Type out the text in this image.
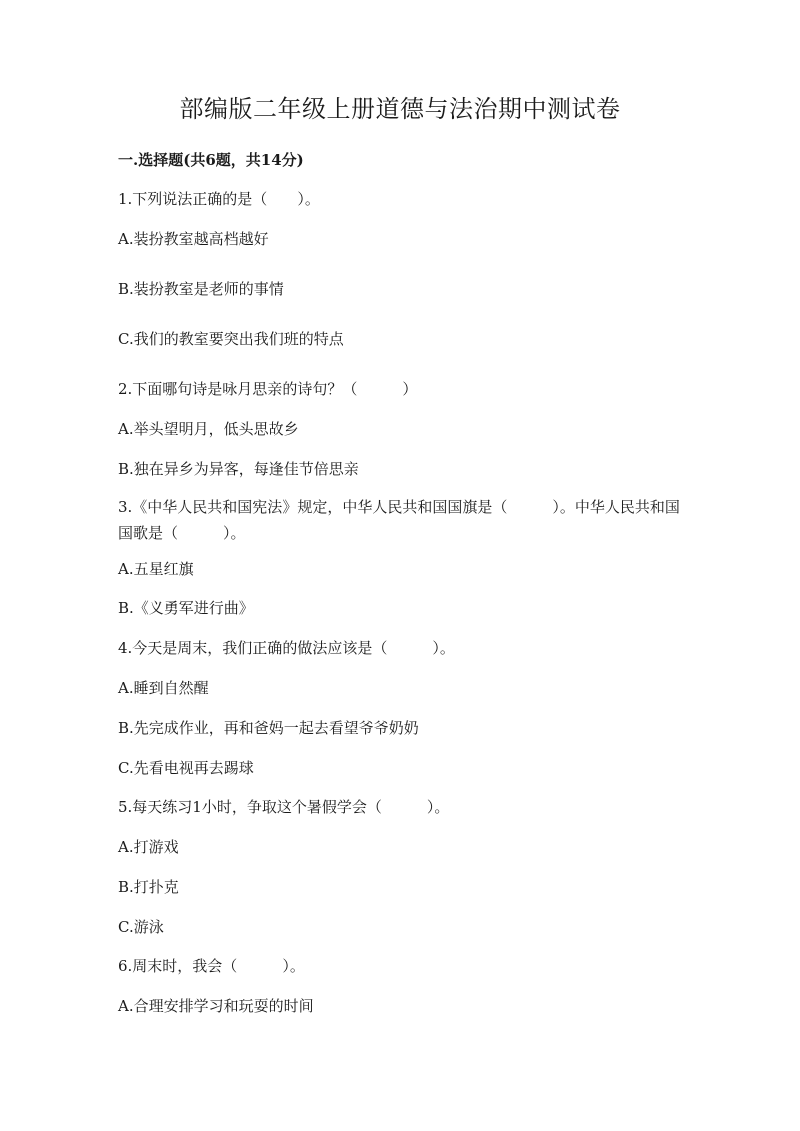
部编版二年级上册道德与法治期中测试卷
一.选择题(共6题，共14分)
1.下列说法正确的是（　　）。
A.装扮教室越高档越好
B.装扮教室是老师的事情
C.我们的教室要突出我们班的特点
2.下面哪句诗是咏月思亲的诗句？（　　　）
A.举头望明月，低头思故乡
B.独在异乡为异客，每逢佳节倍思亲
3.《中华人民共和国宪法》规定，中华人民共和国国旗是（　　　）。中华人民共和国国歌是（　　　）。
A.五星红旗
B.《义勇军进行曲》
4.今天是周末，我们正确的做法应该是（　　　）。
A.睡到自然醒
B.先完成作业，再和爸妈一起去看望爷爷奶奶
C.先看电视再去踢球
5.每天练习1小时，争取这个暑假学会（　　　）。
A.打游戏
B.打扑克
C.游泳
6.周末时，我会（　　　）。
A.合理安排学习和玩耍的时间
